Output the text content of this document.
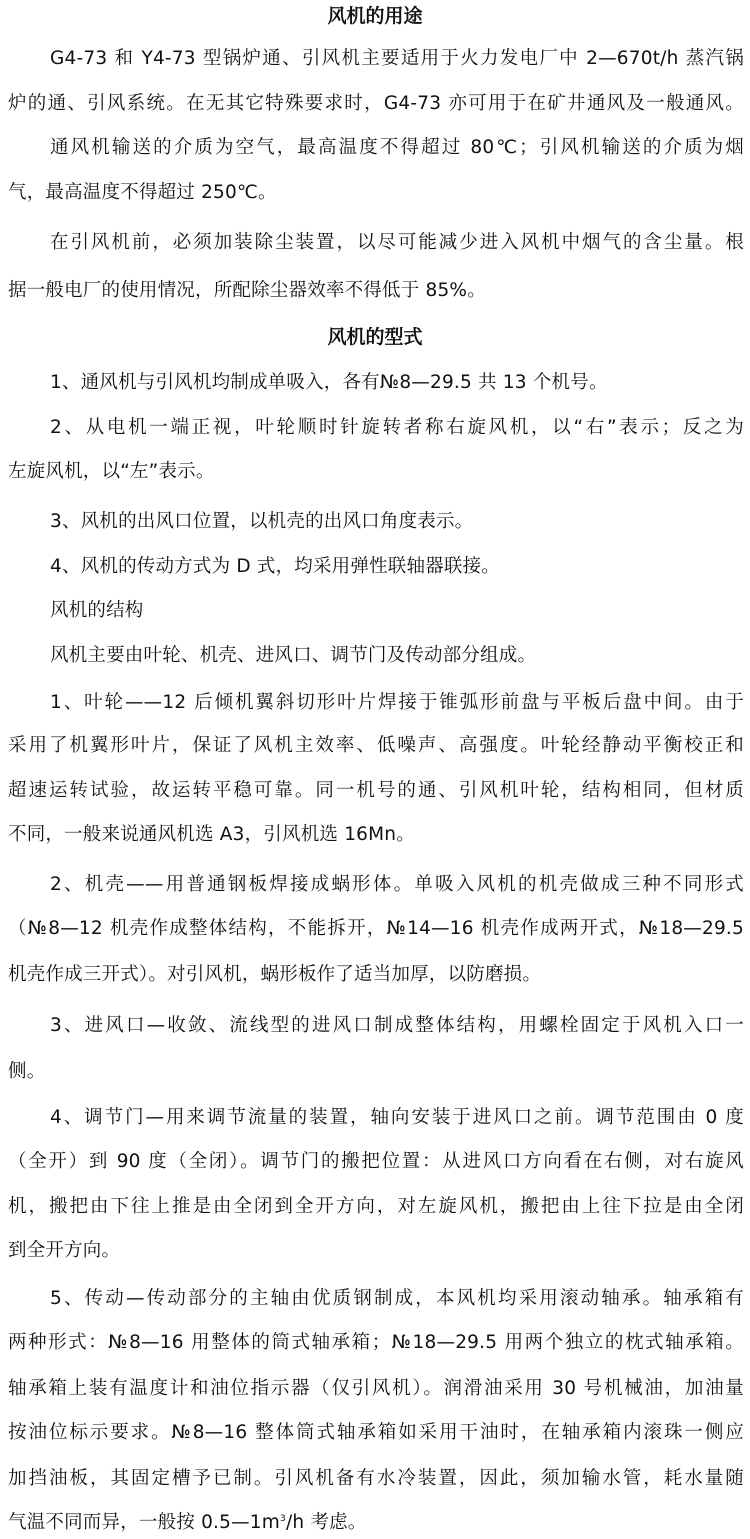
风机的用途
G4-73 和 Y4-73 型锅炉通、引风机主要适用于火力发电厂中 2—670t/h 蒸汽锅
炉的通、引风系统。在无其它特殊要求时，G4-73 亦可用于在矿井通风及一般通风。
通风机输送的介质为空气，最高温度不得超过 80℃；引风机输送的介质为烟
气，最高温度不得超过 250℃。
在引风机前，必须加装除尘装置，以尽可能减少进入风机中烟气的含尘量。根
据一般电厂的使用情况，所配除尘器效率不得低于 85%。
风机的型式
1、通风机与引风机均制成单吸入，各有№8—29.5 共 13 个机号。
2、从电机一端正视，叶轮顺时针旋转者称右旋风机，以“右”表示；反之为
左旋风机，以“左”表示。
3、风机的出风口位置，以机壳的出风口角度表示。
4、风机的传动方式为 D 式，均采用弹性联轴器联接。
风机的结构
风机主要由叶轮、机壳、进风口、调节门及传动部分组成。
1、叶轮——12 后倾机翼斜切形叶片焊接于锥弧形前盘与平板后盘中间。由于
采用了机翼形叶片，保证了风机主效率、低噪声、高强度。叶轮经静动平衡校正和
超速运转试验，故运转平稳可靠。同一机号的通、引风机叶轮，结构相同，但材质
不同，一般来说通风机选 A3，引风机选 16Mn。
2、机壳——用普通钢板焊接成蜗形体。单吸入风机的机壳做成三种不同形式
（№8—12 机壳作成整体结构，不能拆开，№14—16 机壳作成两开式，№18—29.5
机壳作成三开式）。对引风机，蜗形板作了适当加厚，以防磨损。
3、进风口—收敛、流线型的进风口制成整体结构，用螺栓固定于风机入口一
侧。
4、调节门—用来调节流量的装置，轴向安装于进风口之前。调节范围由 0 度
（全开）到 90 度（全闭）。调节门的搬把位置：从进风口方向看在右侧，对右旋风
机，搬把由下往上推是由全闭到全开方向，对左旋风机，搬把由上往下拉是由全闭
到全开方向。
5、传动—传动部分的主轴由优质钢制成，本风机均采用滚动轴承。轴承箱有
两种形式：№8—16 用整体的筒式轴承箱；№18—29.5 用两个独立的枕式轴承箱。
轴承箱上装有温度计和油位指示器（仅引风机）。润滑油采用 30 号机械油，加油量
按油位标示要求。№8—16 整体筒式轴承箱如采用干油时，在轴承箱内滚珠一侧应
加挡油板，其固定槽予已制。引风机备有水冷装置，因此，须加输水管，耗水量随
气温不同而异，一般按 $0.5—1m^3/h$ 考虑。
